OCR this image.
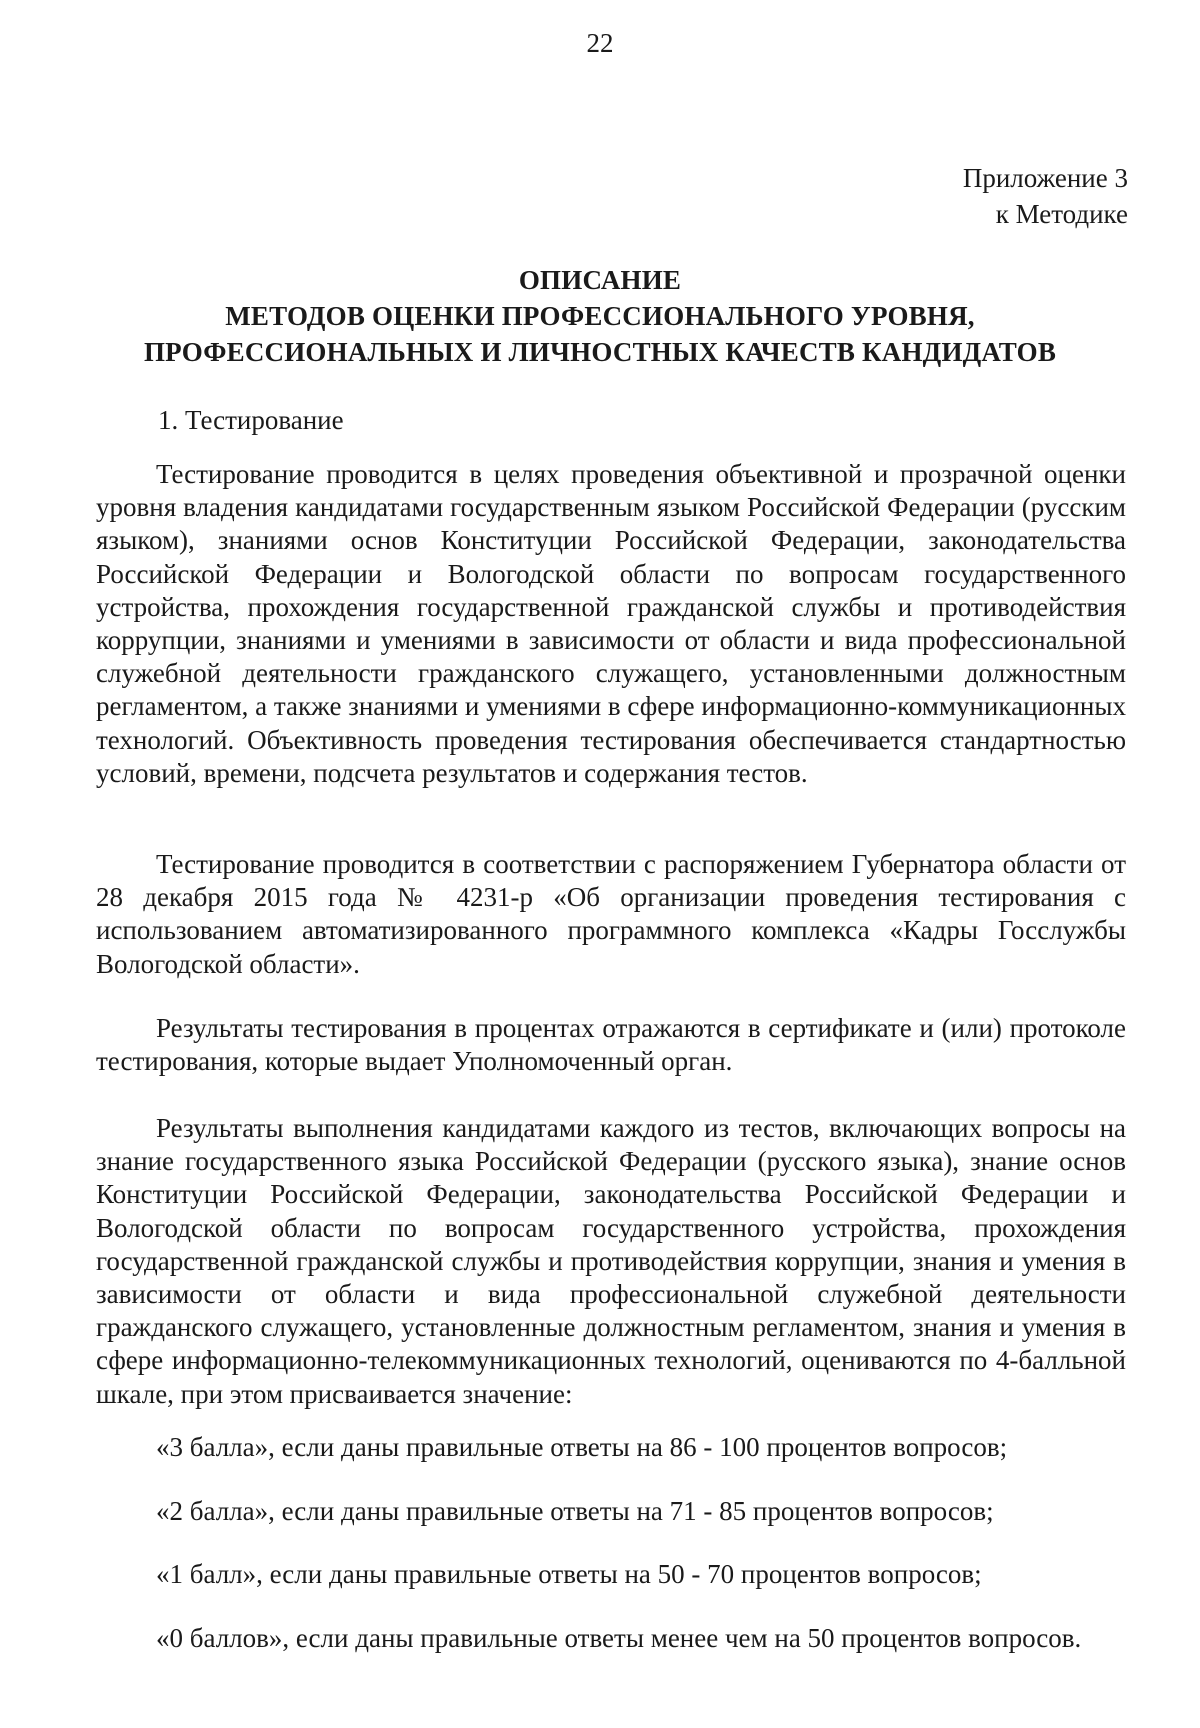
22
Приложение 3
к Методике
ОПИСАНИЕ
МЕТОДОВ ОЦЕНКИ ПРОФЕССИОНАЛЬНОГО УРОВНЯ,
ПРОФЕССИОНАЛЬНЫХ И ЛИЧНОСТНЫХ КАЧЕСТВ КАНДИДАТОВ
1. Тестирование

Тестирование проводится в целях проведения объективной и прозрачной оценки уровня владения кандидатами государственным языком Российской Федерации (русским языком), знаниями основ Конституции Российской Федерации, законодательства Российской Федерации и Вологодской области по вопросам государственного устройства, прохождения государственной гражданской службы и противодействия коррупции, знаниями и умениями в зависимости от области и вида профессиональной служебной деятельности гражданского служащего, установленными должностным регламентом, а также знаниями и умениями в сфере информационно-коммуникационных технологий. Объективность проведения тестирования обеспечивается стандартностью условий, времени, подсчета результатов и содержания тестов.

Тестирование проводится в соответствии с распоряжением Губернатора области от 28 декабря 2015 года № 4231-р «Об организации проведения тестирования с использованием автоматизированного программного комплекса «Кадры Госслужбы Вологодской области».

Результаты тестирования в процентах отражаются в сертификате и (или) протоколе тестирования, которые выдает Уполномоченный орган.

Результаты выполнения кандидатами каждого из тестов, включающих вопросы на знание государственного языка Российской Федерации (русского языка), знание основ Конституции Российской Федерации, законодательства Российской Федерации и Вологодской области по вопросам государственного устройства, прохождения государственной гражданской службы и противодействия коррупции, знания и умения в зависимости от области и вида профессиональной служебной деятельности гражданского служащего, установленные должностным регламентом, знания и умения в сфере информационно-телекоммуникационных технологий, оцениваются по 4-балльной шкале, при этом присваивается значение:

«3 балла», если даны правильные ответы на 86 - 100 процентов вопросов;
«2 балла», если даны правильные ответы на 71 - 85 процентов вопросов;
«1 балл», если даны правильные ответы на 50 - 70 процентов вопросов;
«0 баллов», если даны правильные ответы менее чем на 50 процентов вопросов.
